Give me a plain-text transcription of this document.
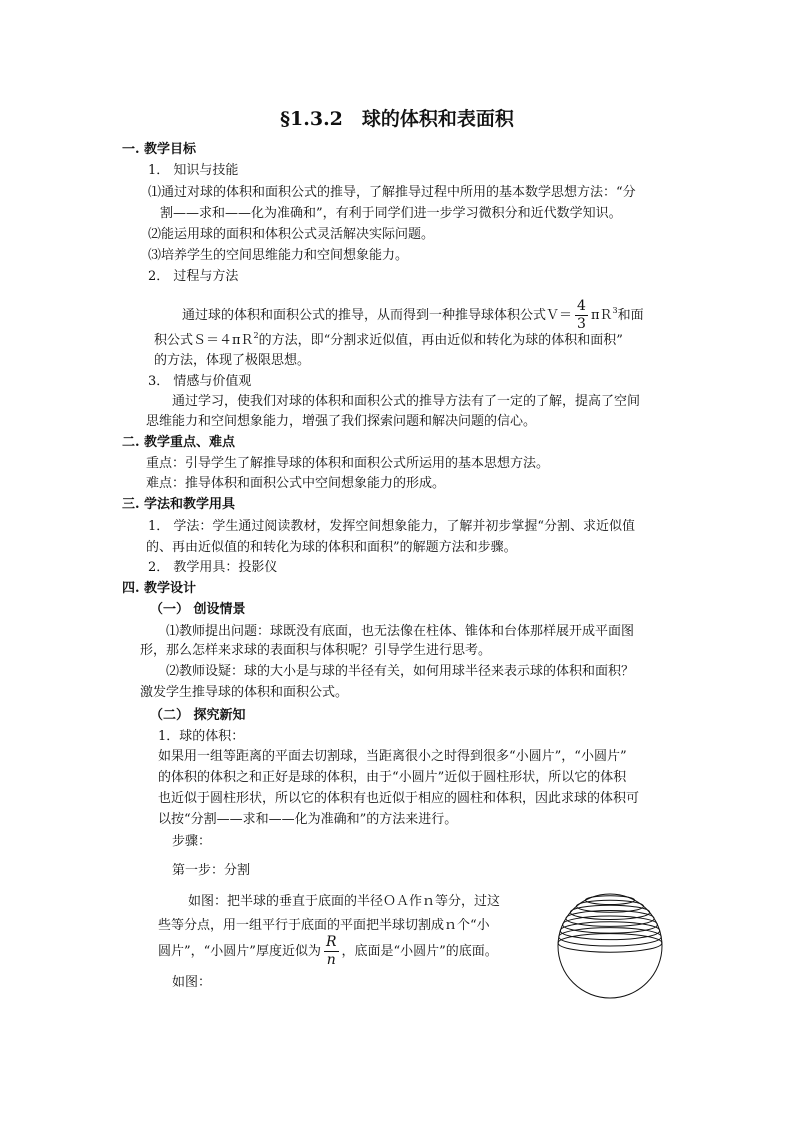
§1.3.2　球的体积和表面积
一. 教学目标
1． 知识与技能
⑴通过对球的体积和面积公式的推导，了解推导过程中所用的基本数学思想方法：“分
割——求和——化为准确和”，有利于同学们进一步学习微积分和近代数学知识。
⑵能运用球的面积和体积公式灵活解决实际问题。
⑶培养学生的空间思维能力和空间想象能力。
2． 过程与方法
通过球的体积和面积公式的推导，从而得到一种推导球体积公式Ｖ＝ $\frac{4}{3}$ πＲ$^3$和面
积公式Ｓ＝４πＲ$^2$的方法，即“分割求近似值，再由近似和转化为球的体积和面积”
的方法，体现了极限思想。
3． 情感与价值观
通过学习，使我们对球的体积和面积公式的推导方法有了一定的了解，提高了空间
思维能力和空间想象能力，增强了我们探索问题和解决问题的信心。
二. 教学重点、难点
重点：引导学生了解推导球的体积和面积公式所运用的基本思想方法。
难点：推导体积和面积公式中空间想象能力的形成。
三. 学法和教学用具
1． 学法：学生通过阅读教材，发挥空间想象能力，了解并初步掌握“分割、求近似值
的、再由近似值的和转化为球的体积和面积”的解题方法和步骤。
2． 教学用具：投影仪
四. 教学设计
（一） 创设情景
⑴教师提出问题：球既没有底面，也无法像在柱体、锥体和台体那样展开成平面图
形，那么怎样来求球的表面积与体积呢？引导学生进行思考。
⑵教师设疑：球的大小是与球的半径有关，如何用球半径来表示球的体积和面积？
激发学生推导球的体积和面积公式。
（二） 探究新知
1．球的体积：
如果用一组等距离的平面去切割球，当距离很小之时得到很多“小圆片”，“小圆片”
的体积的体积之和正好是球的体积，由于“小圆片”近似于圆柱形状，所以它的体积
也近似于圆柱形状，所以它的体积有也近似于相应的圆柱和体积，因此求球的体积可
以按“分割——求和——化为准确和”的方法来进行。
步骤：
第一步：分割
如图：把半球的垂直于底面的半径ＯＡ作ｎ等分，过这
些等分点，用一组平行于底面的平面把半球切割成ｎ个“小
圆片”，“小圆片”厚度近似为 $\frac{R}{n}$ ，底面是“小圆片”的底面。
如图：
